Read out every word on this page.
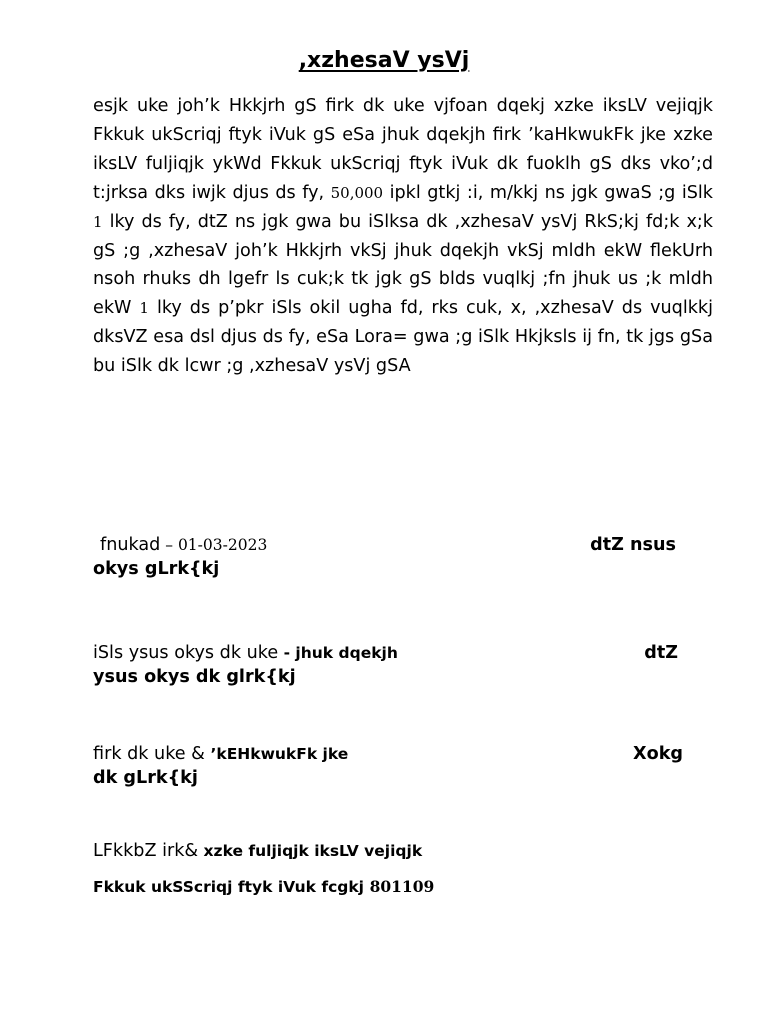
,xzhesaV ysVj
esjk uke joh’k Hkkjrh gS firk dk uke vjfoan dqekj xzke iksLV vejiqjk Fkkuk ukScriqj ftyk iVuk gS eSa jhuk dqekjh firk ’kaHkwukFk jke xzke iksLV fuljiqjk ykWd Fkkuk ukScriqj ftyk iVuk dk fuoklh gS dks vko’;d t:jrksa dks iwjk djus ds fy, 50,000 ipkl gtkj :i, m/kkj ns jgk gwaS ;g iSlk 1 lky ds fy, dtZ ns jgk gwa bu iSlksa dk ,xzhesaV ysVj RkS;kj fd;k x;k gS ;g ,xzhesaV joh’k Hkkjrh vkSj jhuk dqekjh vkSj mldh ekW flekUrh nsoh rhuks dh lgefr ls cuk;k tk jgk gS blds vuqlkj ;fn jhuk us ;k mldh ekW 1 lky ds p’pkr iSls okil ugha fd, rks cuk, x, ,xzhesaV ds vuqlkkj dksVZ esa dsl djus ds fy, eSa Lora= gwa ;g iSlk Hkjksls ij fn, tk jgs gSa bu iSlk dk lcwr ;g ,xzhesaV ysVj gSA
fnukad – 01-03-2023	dtZ nsus
okys gLrk{kj
iSls ysus okys dk uke - jhuk dqekjh	dtZ
ysus okys dk glrk{kj
firk dk uke & ’kEHkwukFk jke	Xokg
dk gLrk{kj
LFkkbZ irk& xzke fuljiqjk iksLV vejiqjk
Fkkuk ukSScriqj ftyk iVuk fcgkj 801109
